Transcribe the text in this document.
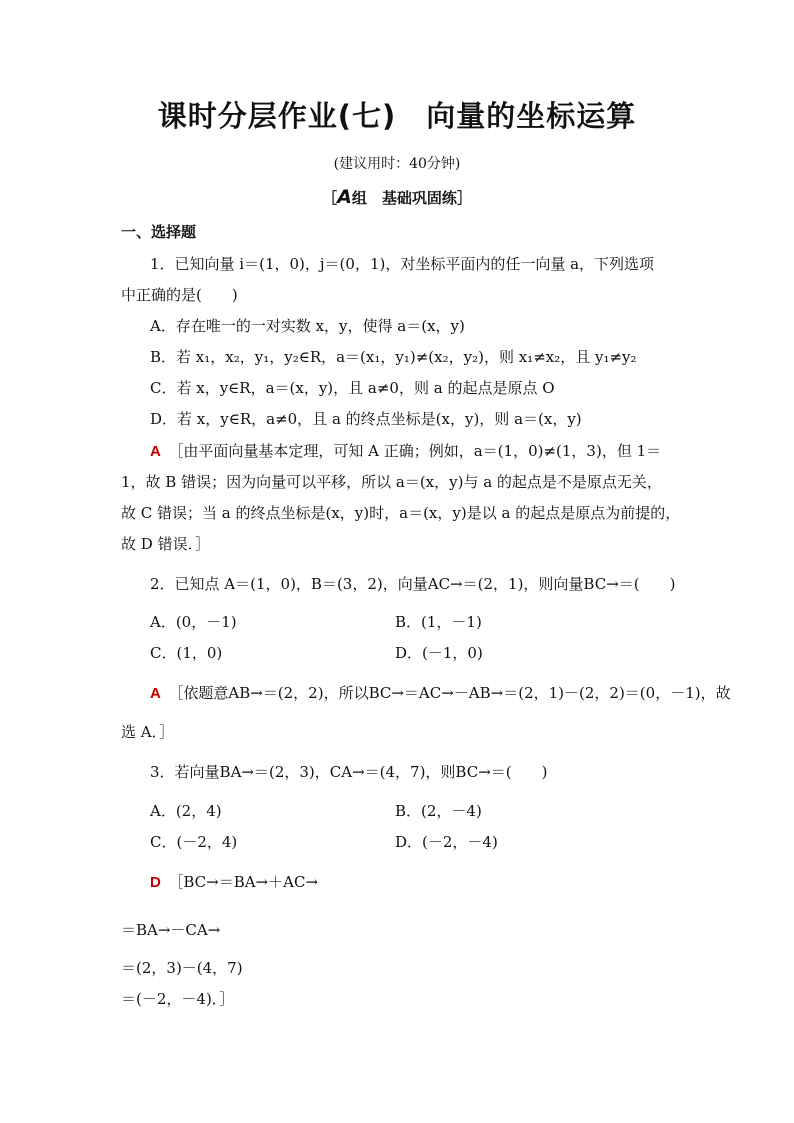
课时分层作业(七)　向量的坐标运算
(建议用时：40分钟)
［A组　基础巩固练］
一、选择题
1．已知向量 i＝(1，0)，j＝(0，1)，对坐标平面内的任一向量 a，下列选项
中正确的是(　　)
A．存在唯一的一对实数 x，y，使得 a＝(x，y)
B．若 x₁，x₂，y₁，y₂∈R，a＝(x₁，y₁)≠(x₂，y₂)，则 x₁≠x₂，且 y₁≠y₂
C．若 x，y∈R，a＝(x，y)，且 a≠0，则 a 的起点是原点 O
D．若 x，y∈R，a≠0，且 a 的终点坐标是(x，y)，则 a＝(x，y)
A　 ［由平面向量基本定理，可知 A 正确；例如，a＝(1，0)≠(1，3)，但 1＝
1，故 B 错误；因为向量可以平移，所以 a＝(x，y)与 a 的起点是不是原点无关，
故 C 错误；当 a 的终点坐标是(x，y)时，a＝(x，y)是以 a 的起点是原点为前提的，
故 D 错误．］
2．已知点 A＝(1，0)，B＝(3，2)，向量AC→＝(2，1)，则向量BC→＝(　　)
A．(0，－1)	B．(1，－1)
C．(1，0)	D．(－1，0)
A　 ［依题意AB→＝(2，2)，所以BC→＝AC→－AB→＝(2，1)－(2，2)＝(0，－1)，故
选 A．］
3．若向量BA→＝(2，3)，CA→＝(4，7)，则BC→＝(　　)
A．(2，4)	B．(2，－4)
C．(－2，4)	D．(－2，－4)
D　 ［BC→＝BA→＋AC→
＝BA→－CA→
＝(2，3)－(4，7)
＝(－2，－4)．］
